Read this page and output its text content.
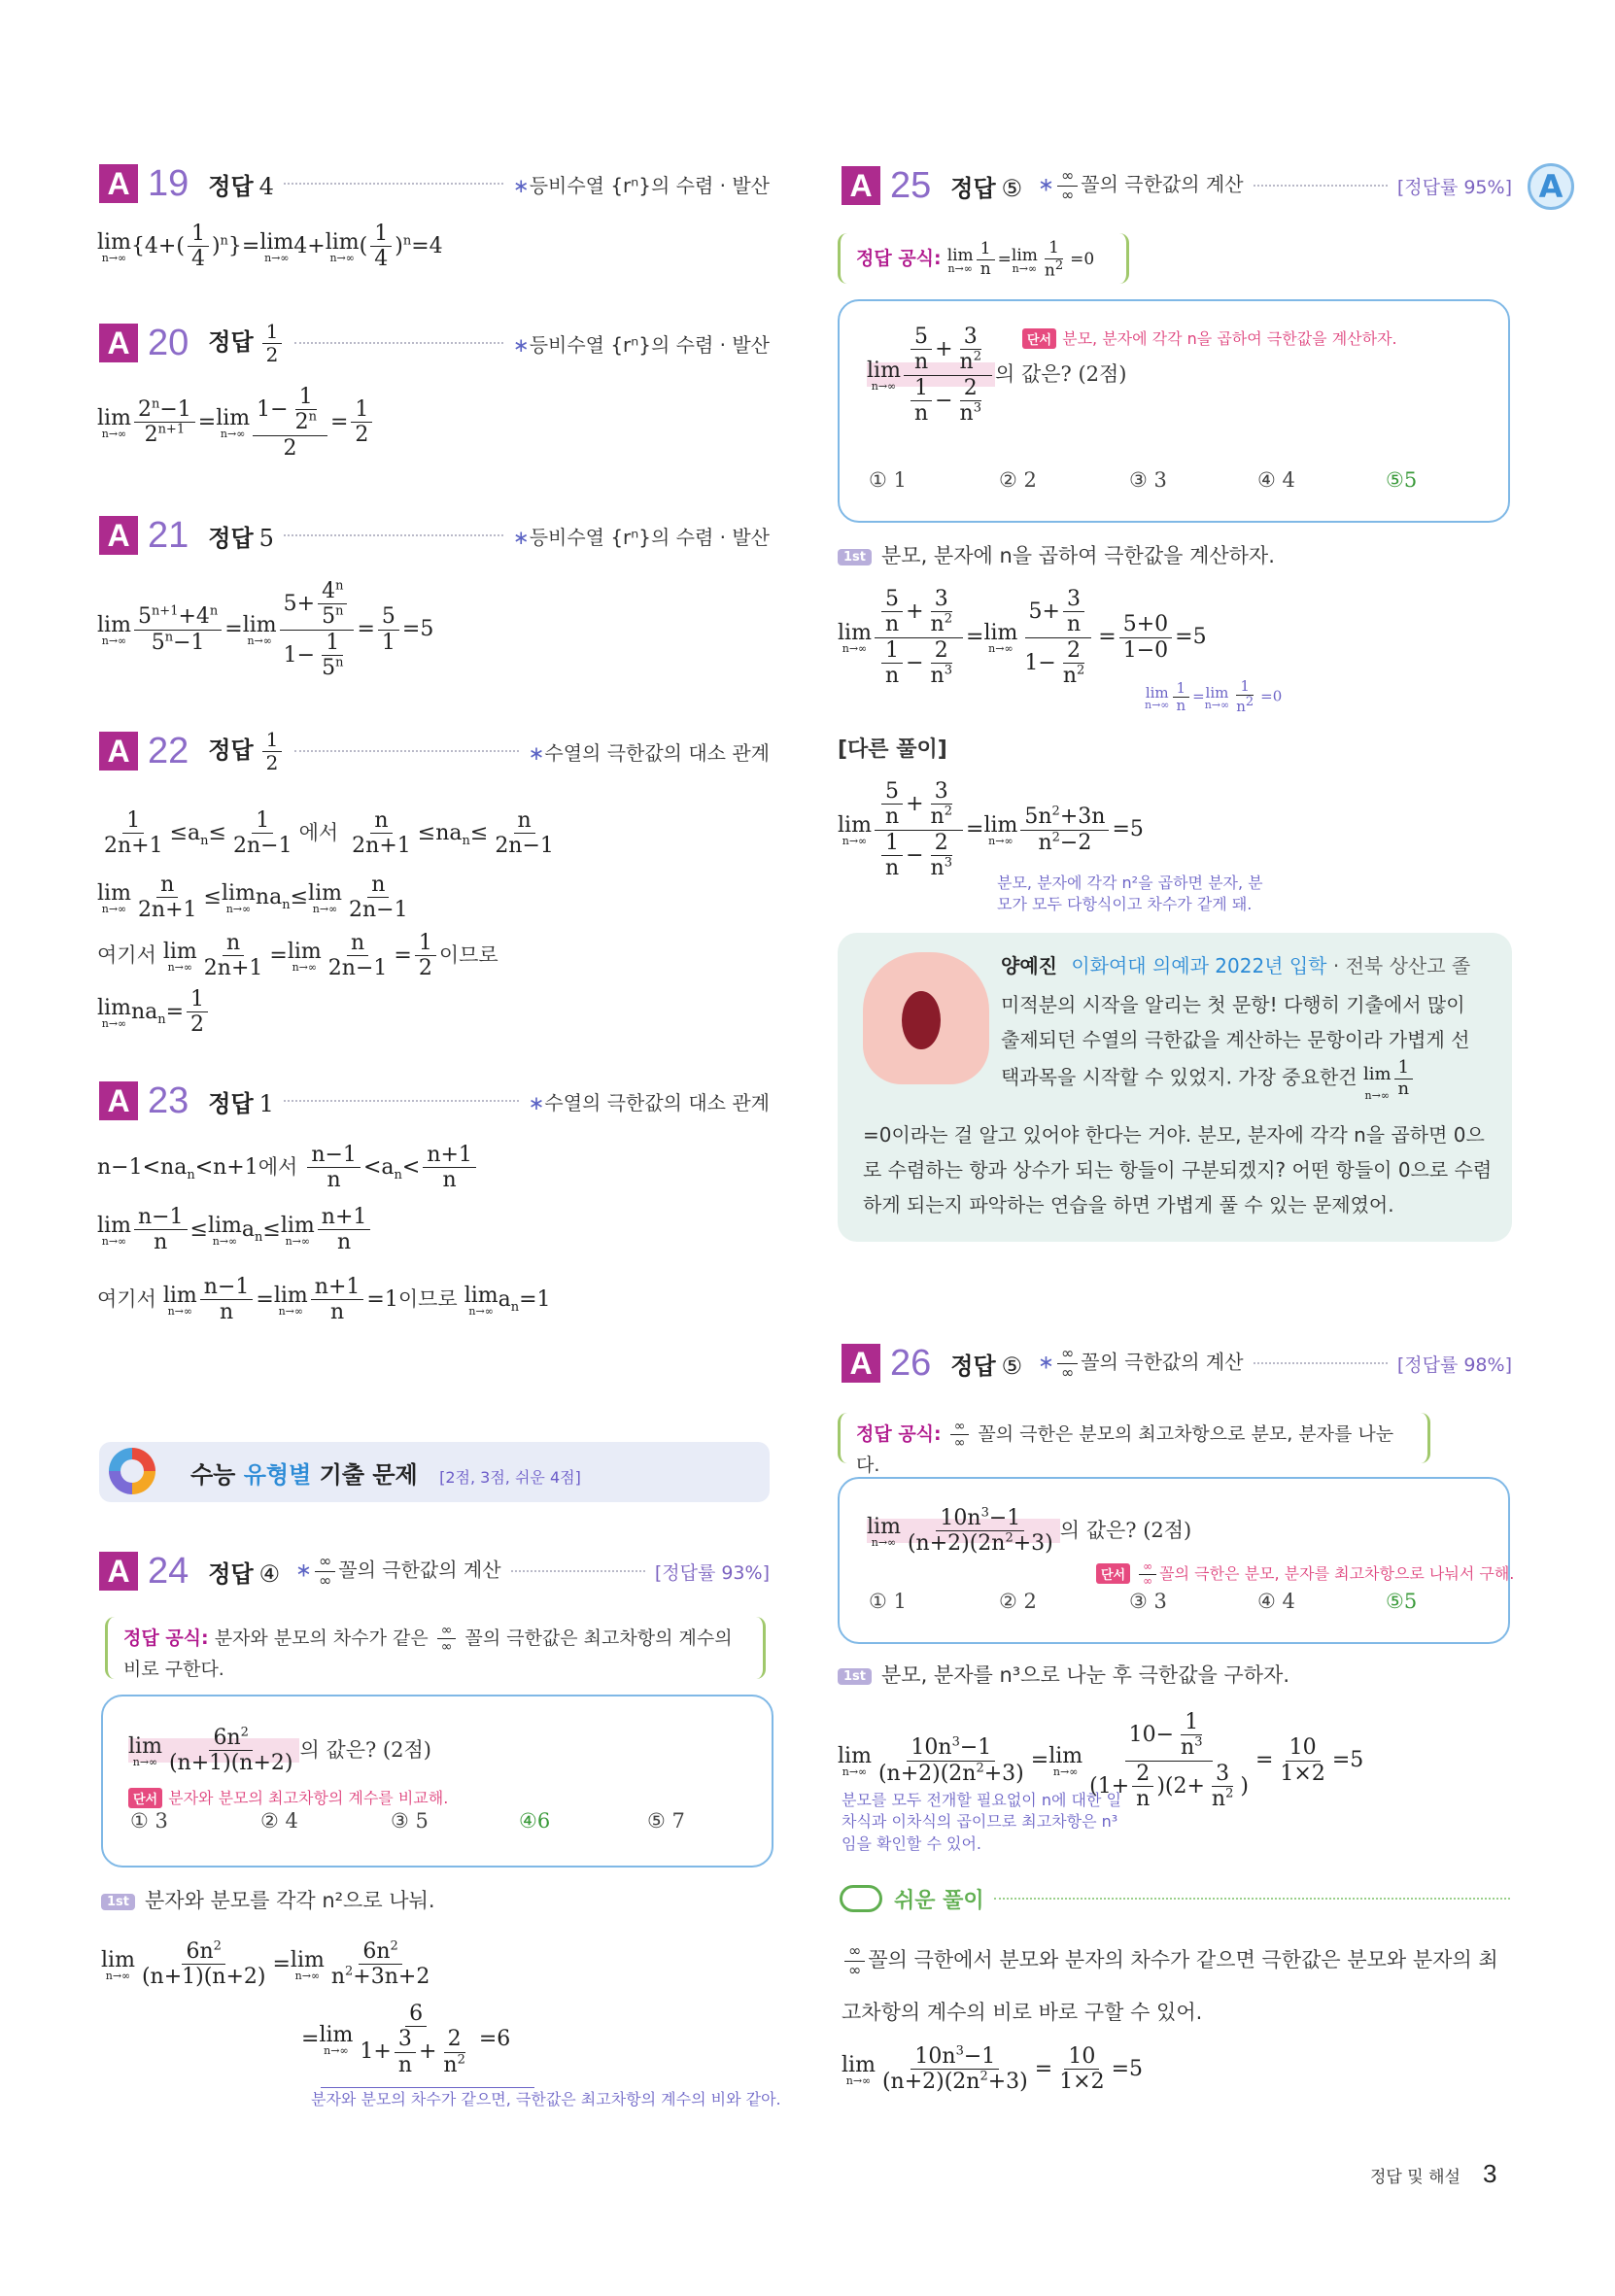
A 19 정답 4	∗등비수열 {rⁿ}의 수렴 · 발산
lim
n→∞ $\{4+( \frac{1}{4} )^n\}=\lim$
n→∞ 4+lim
n→∞ ( $\frac{1}{4} )^n=4$
A 20 정답 $\frac{1}{2}$	∗등비수열 {rⁿ}의 수렴 · 발산
lim
$n\to\infty \frac{2^n-1}{2^{n+1}} =\lim$
$n\to\infty \frac{1- \frac{1}{2^n}}{2} = \frac{1}{2}$
A 21 정답 5	∗등비수열 {rⁿ}의 수렴 · 발산
lim
$n\to\infty \frac{5^{n+1}+4^n}{5^n-1} =\lim$
$n\to\infty \frac{5+ \frac{4^n}{5^n}}{1- \frac{1}{5^n}} = \frac{5}{1} =5$
A 22 정답 $\frac{1}{2}$	∗수열의 극한값의 대소 관계
$\frac{1}{2n+1} \le a_n\le \frac{1}{2n-1}$ 에서 $\frac{n}{2n+1} \le na_n\le \frac{n}{2n-1}$
lim
$n\to\infty \frac{n}{2n+1} \le\lim$
n→∞ $na_n\le\lim$
$n\to\infty \frac{n}{2n-1}$
여기서 lim
$n\to\infty \frac{n}{2n+1} =\lim$
$n\to\infty \frac{n}{2n-1} = \frac{1}{2}$ 이므로
lim
n→∞ $na_n= \frac{1}{2}$
A 23 정답 1	∗수열의 극한값의 대소 관계
$n-1<na_n<n+1$에서 $\frac{n-1}{n} <a_n< \frac{n+1}{n}$
lim
$n\to\infty \frac{n-1}{n} \le\lim$
n→∞ $a_n\le\lim$
$n\to\infty \frac{n+1}{n}$
여기서 lim
$n\to\infty \frac{n-1}{n} =\lim$
$n\to\infty \frac{n+1}{n} =1$이므로 lim
n→∞ $a_n=1$
수능 유형별 기출 문제 [2점, 3점, 쉬운 4점]
A 24 정답 ④ ∗ ∞
∞ 꼴의 극한값의 계산	[정답률 93%]
정답 공식: 분자와 분모의 차수가 같은 ∞
∞ 꼴의 극한값은 최고차항의 계수의 비로 구한다.
lim
$n\to\infty \frac{6n^2}{(n+1)(n+2)}$ 의 값은? (2점)
단서 분자와 분모의 최고차항의 계수를 비교해.
① 3	② 4	③ 5	④6	⑤ 7
1st 분자와 분모를 각각 n²으로 나눠.
lim
$n\to\infty \frac{6n^2}{(n+1)(n+2)} =\lim$
$n\to\infty \frac{6n^2}{n^2+3n+2}$
=lim
$n\to\infty \frac{6}{1+ \frac{3}{n} + \frac{2}{n^2}} =6$
분자와 분모의 차수가 같으면, 극한값은 최고차항의 계수의 비와 같아.
A 25 정답 ⑤ ∗ ∞
∞ 꼴의 극한값의 계산	[정답률 95%] A
정답 공식: lim
$n\to\infty \frac{1}{n} =\lim$
$n\to\infty \frac{1}{n^2} =0$
lim
$n\to\infty \frac{\frac{5}{n} + \frac{3}{n^2}}{\frac{1}{n} - \frac{2}{n^3}}$ 의 값은? (2점)
단서 분모, 분자에 각각 n을 곱하여 극한값을 계산하자.
① 1	② 2	③ 3	④ 4	⑤5
1st 분모, 분자에 n을 곱하여 극한값을 계산하자.
lim
$n\to\infty \frac{\frac{5}{n} + \frac{3}{n^2}}{\frac{1}{n} - \frac{2}{n^3}} =\lim$
$n\to\infty \frac{5+ \frac{3}{n}}{1- \frac{2}{n^2}} = \frac{5+0}{1-0} =5$
lim
$n\to\infty \frac{1}{n} =\lim$
$n\to\infty \frac{1}{n^2} =0$
[다른 풀이]
lim
$n\to\infty \frac{\frac{5}{n} + \frac{3}{n^2}}{\frac{1}{n} - \frac{2}{n^3}} =\lim$
$n\to\infty \frac{5n^2+3n}{n^2-2} =5$
분모, 분자에 각각 n²을 곱하면 분자, 분모가 모두 다항식이고 차수가 같게 돼.
양예진 이화여대 의예과 2022년 입학 · 전북 상산고 졸
미적분의 시작을 알리는 첫 문항! 다행히 기출에서 많이 출제되던 수열의 극한값을 계산하는 문항이라 가볍게 선택과목을 시작할 수 있었지. 가장 중요한건 lim
$n\to\infty \frac{1}{n}$
=0이라는 걸 알고 있어야 한다는 거야. 분모, 분자에 각각 n을 곱하면 0으로 수렴하는 항과 상수가 되는 항들이 구분되겠지? 어떤 항들이 0으로 수렴하게 되는지 파악하는 연습을 하면 가볍게 풀 수 있는 문제였어.
A 26 정답 ⑤ ∗ ∞
∞ 꼴의 극한값의 계산	[정답률 98%]
정답 공식: ∞
∞ 꼴의 극한은 분모의 최고차항으로 분모, 분자를 나눈다.
lim
$n\to\infty \frac{10n^3-1}{(n+2)(2n^2+3)}$ 의 값은? (2점)
단서
∞
∞ 꼴의 극한은 분모, 분자를 최고차항으로 나눠서 구해.
① 1	② 2	③ 3	④ 4	⑤5
1st 분모, 분자를 n³으로 나눈 후 극한값을 구하자.
lim
$n\to\infty \frac{10n^3-1}{(n+2)(2n^2+3)} =\lim$
$n\to\infty \frac{10- \frac{1}{n^3}}{(1+ \frac{2}{n} )(2+ \frac{3}{n^2} )} = \frac{10}{1\times 2} =5$
분모를 모두 전개할 필요없이 n에 대한 일차식과 이차식의 곱이므로 최고차항은 n³임을 확인할 수 있어.
쉬운 풀이
∞
∞ 꼴의 극한에서 분모와 분자의 차수가 같으면 극한값은 분모와 분자의 최고차항의 계수의 비로 바로 구할 수 있어.
lim
$n\to\infty \frac{10n^3-1}{(n+2)(2n^2+3)} = \frac{10}{1\times 2} =5$
정답 및 해설 3
